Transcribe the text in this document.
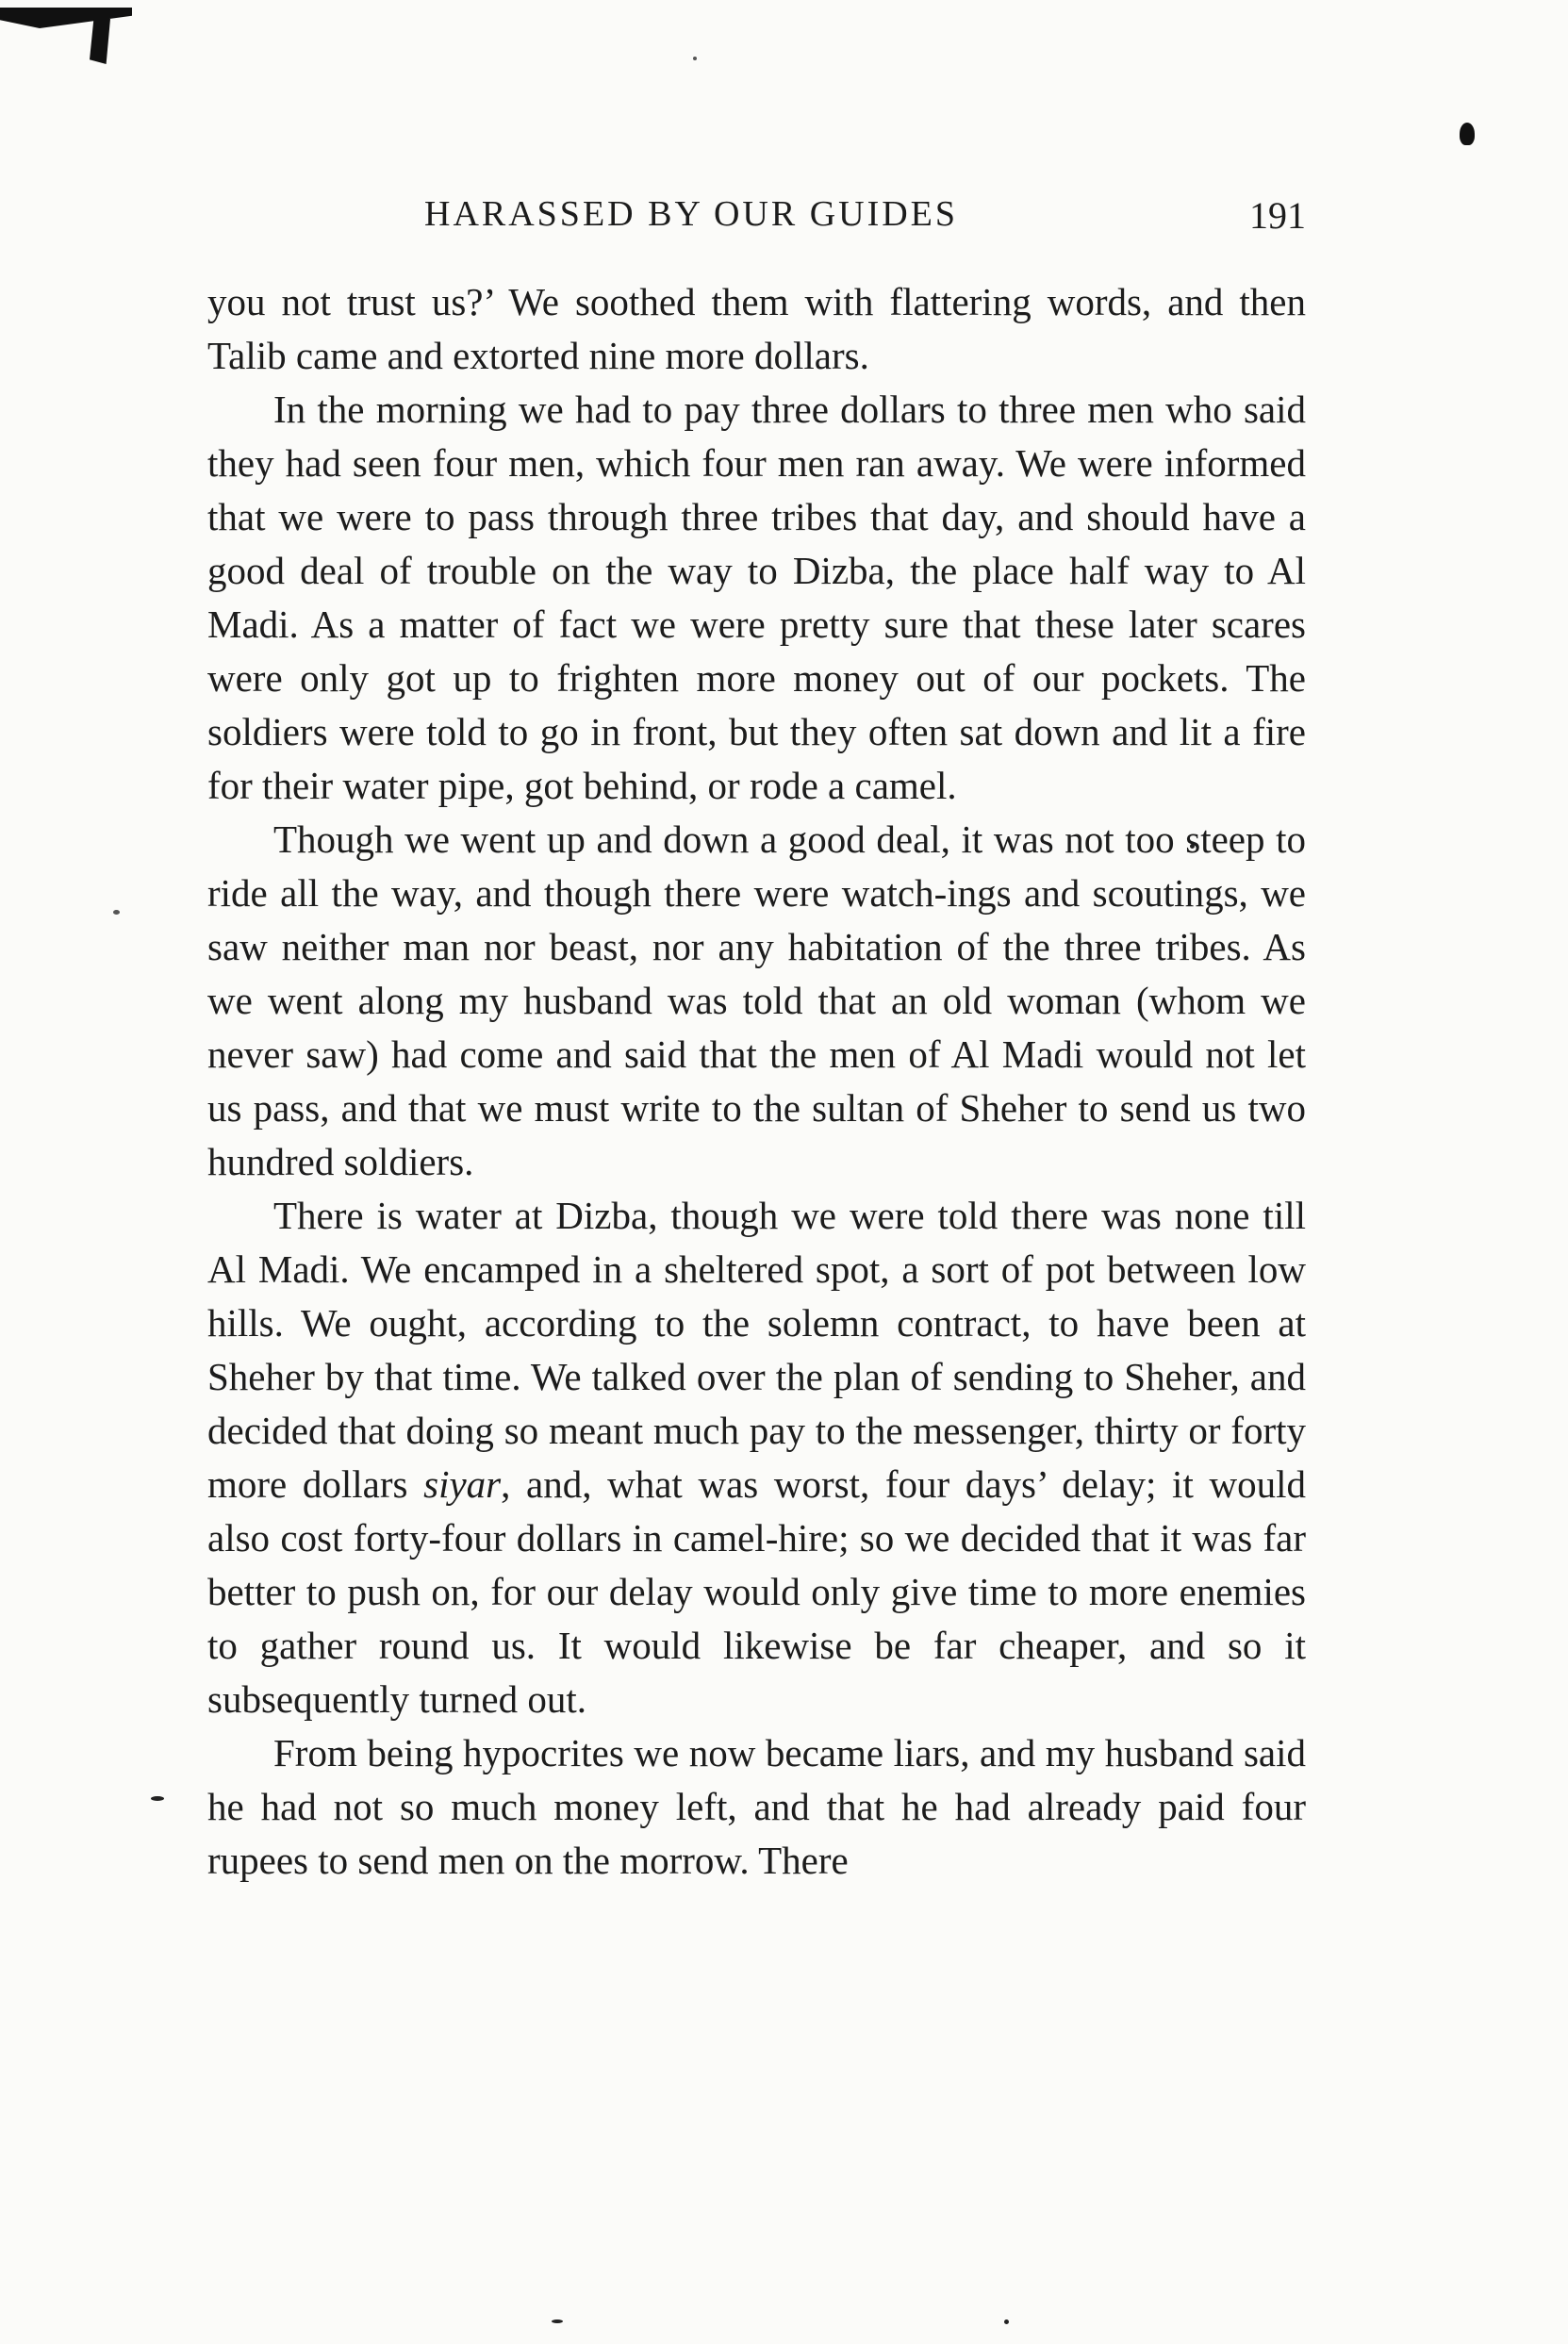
HARASSED BY OUR GUIDES	191

you not trust us?’ We soothed them with flattering words, and then Talib came and extorted nine more dollars.

In the morning we had to pay three dollars to three men who said they had seen four men, which four men ran away. We were informed that we were to pass through three tribes that day, and should have a good deal of trouble on the way to Dizba, the place half way to Al Madi. As a matter of fact we were pretty sure that these later scares were only got up to frighten more money out of our pockets. The soldiers were told to go in front, but they often sat down and lit a fire for their water pipe, got behind, or rode a camel.

Though we went up and down a good deal, it was not too steep to ride all the way, and though there were watch-ings and scoutings, we saw neither man nor beast, nor any habitation of the three tribes. As we went along my husband was told that an old woman (whom we never saw) had come and said that the men of Al Madi would not let us pass, and that we must write to the sultan of Sheher to send us two hundred soldiers.

There is water at Dizba, though we were told there was none till Al Madi. We encamped in a sheltered spot, a sort of pot between low hills. We ought, according to the solemn contract, to have been at Sheher by that time. We talked over the plan of sending to Sheher, and decided that doing so meant much pay to the messenger, thirty or forty more dollars siyar, and, what was worst, four days’ delay; it would also cost forty-four dollars in camel-hire; so we decided that it was far better to push on, for our delay would only give time to more enemies to gather round us. It would likewise be far cheaper, and so it subsequently turned out.

From being hypocrites we now became liars, and my husband said he had not so much money left, and that he had already paid four rupees to send men on the morrow. There
